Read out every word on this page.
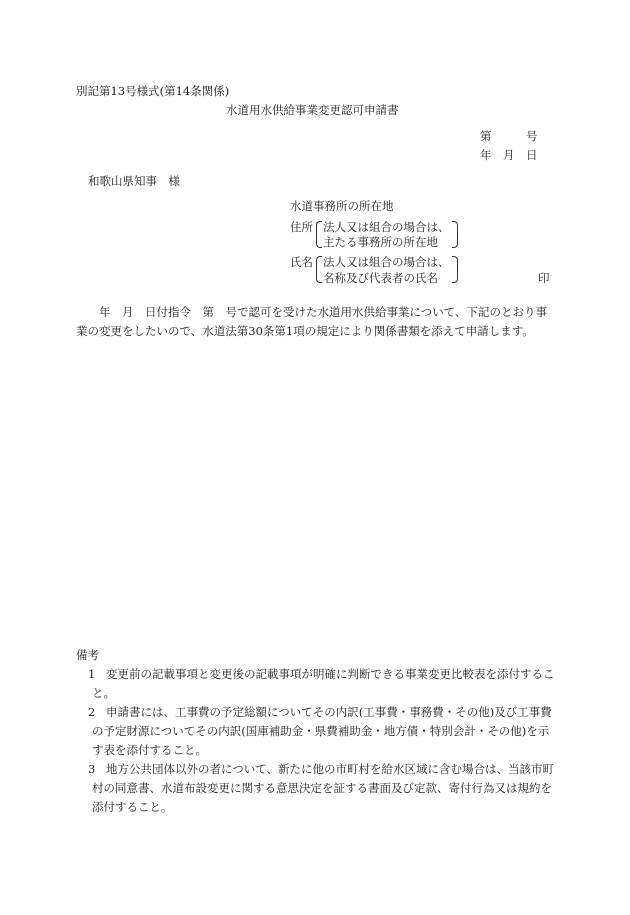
別記第13号様式(第14条関係)
水道用水供給事業変更認可申請書
第　　　号
年　月　日
和歌山県知事　様
水道事務所の所在地
住所 法人又は組合の場合は、
主たる事務所の所在地
氏名 法人又は組合の場合は、
名称及び代表者の氏名	印
年　月　日付指令　第　号で認可を受けた水道用水供給事業について、下記のとおり事業の変更をしたいので、水道法第30条第1項の規定により関係書類を添えて申請します。
備考
1 変更前の記載事項と変更後の記載事項が明確に判断できる事業変更比較表を添付すること。
2 申請書には、工事費の予定総額についてその内訳(工事費・事務費・その他)及び工事費の予定財源についてその内訳(国庫補助金・県費補助金・地方債・特別会計・その他)を示す表を添付すること。
3 地方公共団体以外の者について、新たに他の市町村を給水区域に含む場合は、当該市町村の同意書、水道布設変更に関する意思決定を証する書面及び定款、寄付行為又は規約を添付すること。
